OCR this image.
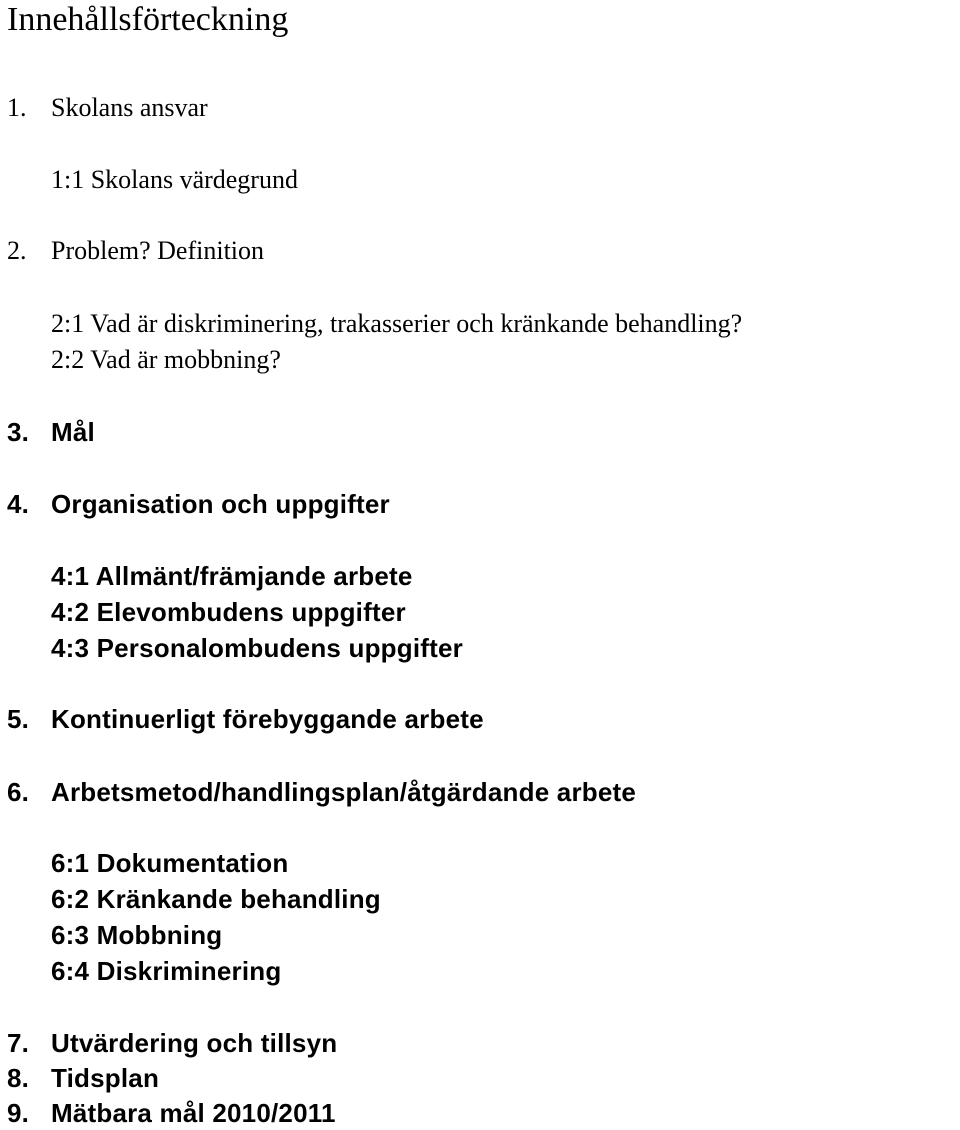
Innehållsförteckning
1. Skolans ansvar
1:1 Skolans värdegrund
2. Problem? Definition
2:1 Vad är diskriminering, trakasserier och kränkande behandling?
2:2 Vad är mobbning?
3. Mål
4. Organisation och uppgifter
4:1 Allmänt/främjande arbete
4:2 Elevombudens uppgifter
4:3 Personalombudens uppgifter
5. Kontinuerligt förebyggande arbete
6. Arbetsmetod/handlingsplan/åtgärdande arbete
6:1 Dokumentation
6:2 Kränkande behandling
6:3 Mobbning
6:4 Diskriminering
7. Utvärdering och tillsyn
8. Tidsplan
9. Mätbara mål 2010/2011
